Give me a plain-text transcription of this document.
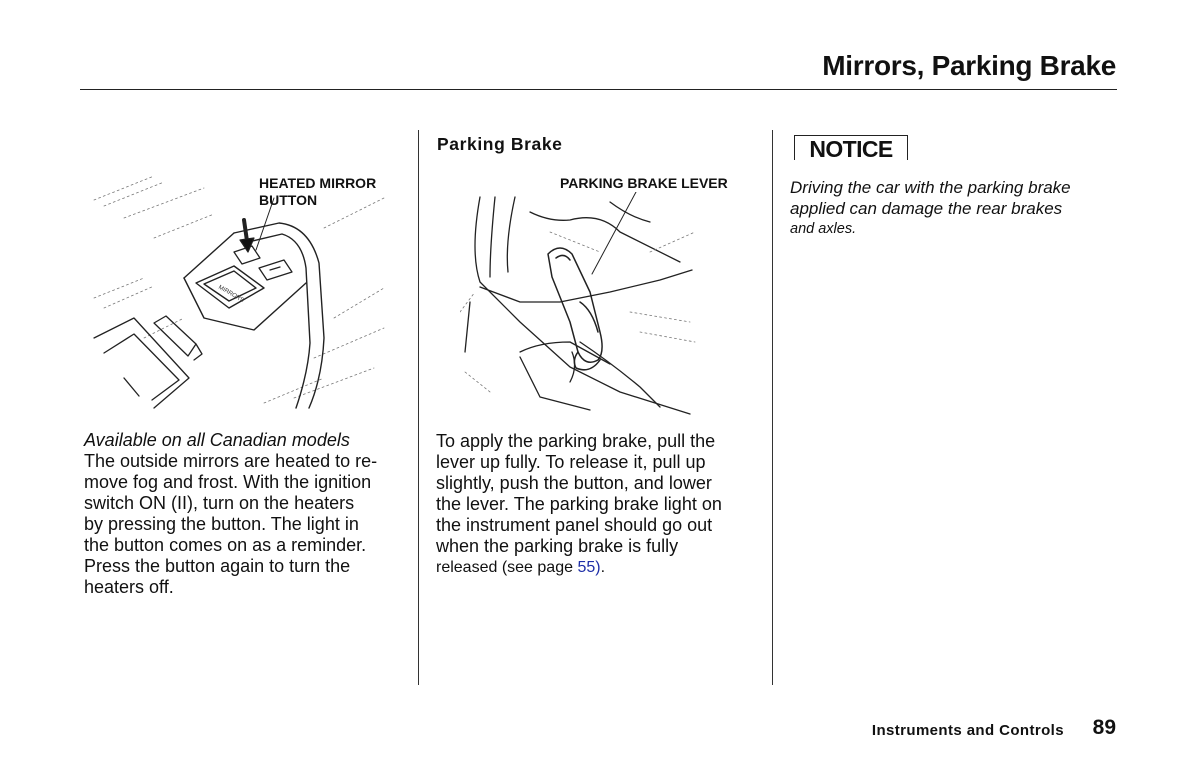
Mirrors, Parking Brake
HEATED MIRROR
BUTTON
MIRRORS

Available on all Canadian models

The outside mirrors are heated to re-

move fog and frost. With the ignition

switch ON (II), turn on the heaters

by pressing the button. The light in

the button comes on as a reminder.

Press the button again to turn the

heaters off.

Parking Brake
PARKING BRAKE LEVER

To apply the parking brake, pull the

lever up fully. To release it, pull up

slightly, push the button, and lower

the lever. The parking brake light on

the instrument panel should go out

when the parking brake is fully

released (see page 55).

NOTICE
Driving the car with the parking brake
applied can damage the rear brakes
and axles.
Instruments and Controls 89
